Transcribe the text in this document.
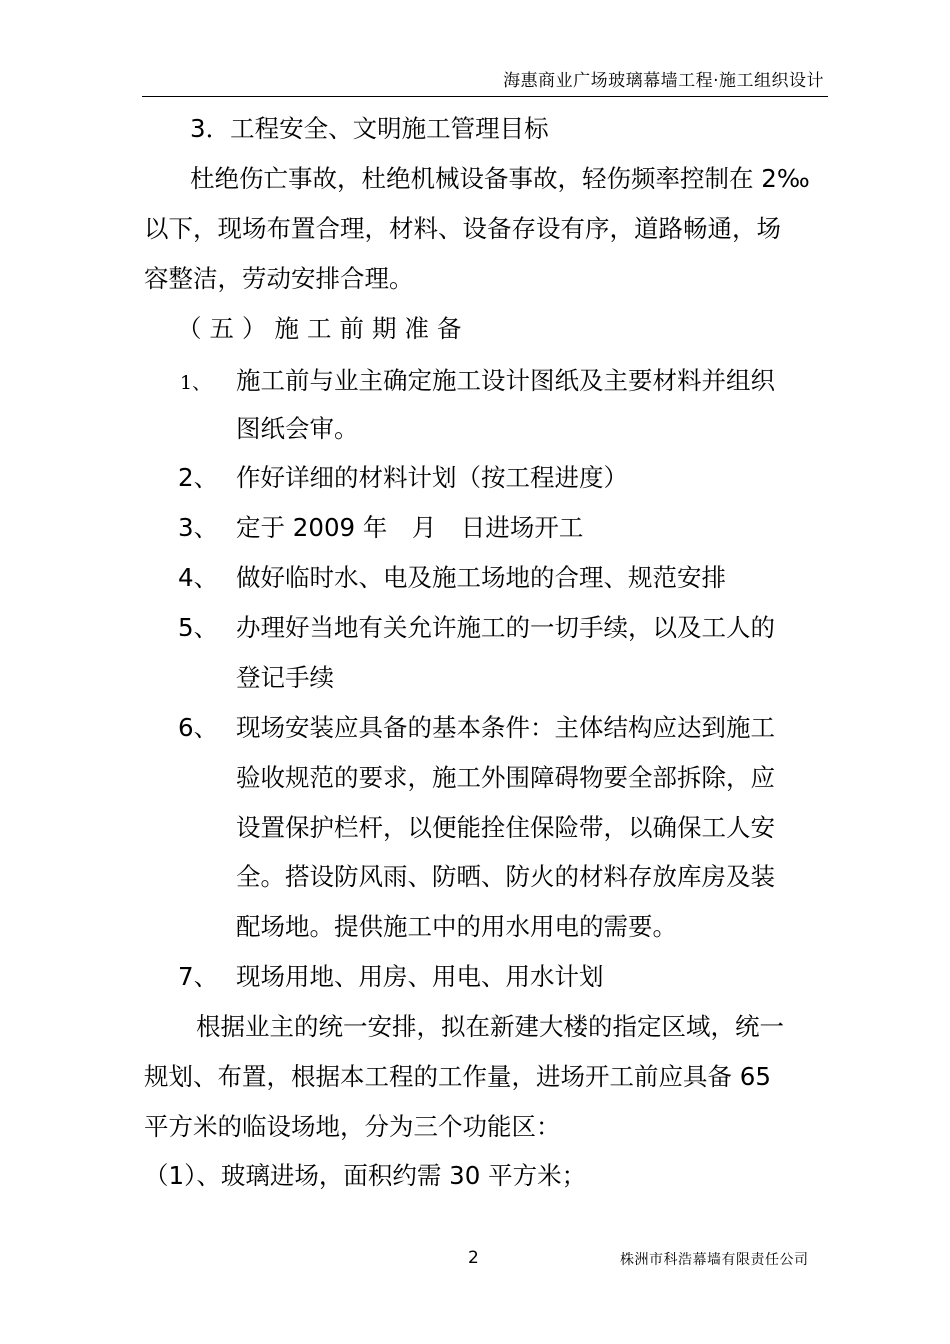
海惠商业广场玻璃幕墙工程·施工组织设计
3．工程安全、文明施工管理目标
杜绝伤亡事故，杜绝机械设备事故，轻伤频率控制在 2‰
以下，现场布置合理，材料、设备存设有序，道路畅通，场
容整洁，劳动安排合理。
（五）施工前期准备
1、 施工前与业主确定施工设计图纸及主要材料并组织
图纸会审。
2、 作好详细的材料计划（按工程进度）
3、 定于 2009 年　月　日进场开工
4、 做好临时水、电及施工场地的合理、规范安排
5、 办理好当地有关允许施工的一切手续，以及工人的
登记手续
6、 现场安装应具备的基本条件：主体结构应达到施工
验收规范的要求，施工外围障碍物要全部拆除，应
设置保护栏杆，以便能拴住保险带，以确保工人安
全。搭设防风雨、防晒、防火的材料存放库房及装
配场地。提供施工中的用水用电的需要。
7、 现场用地、用房、用电、用水计划
根据业主的统一安排，拟在新建大楼的指定区域，统一
规划、布置，根据本工程的工作量，进场开工前应具备 65
平方米的临设场地，分为三个功能区：
（1）、玻璃进场，面积约需 30 平方米；
2	株洲市科浩幕墙有限责任公司
